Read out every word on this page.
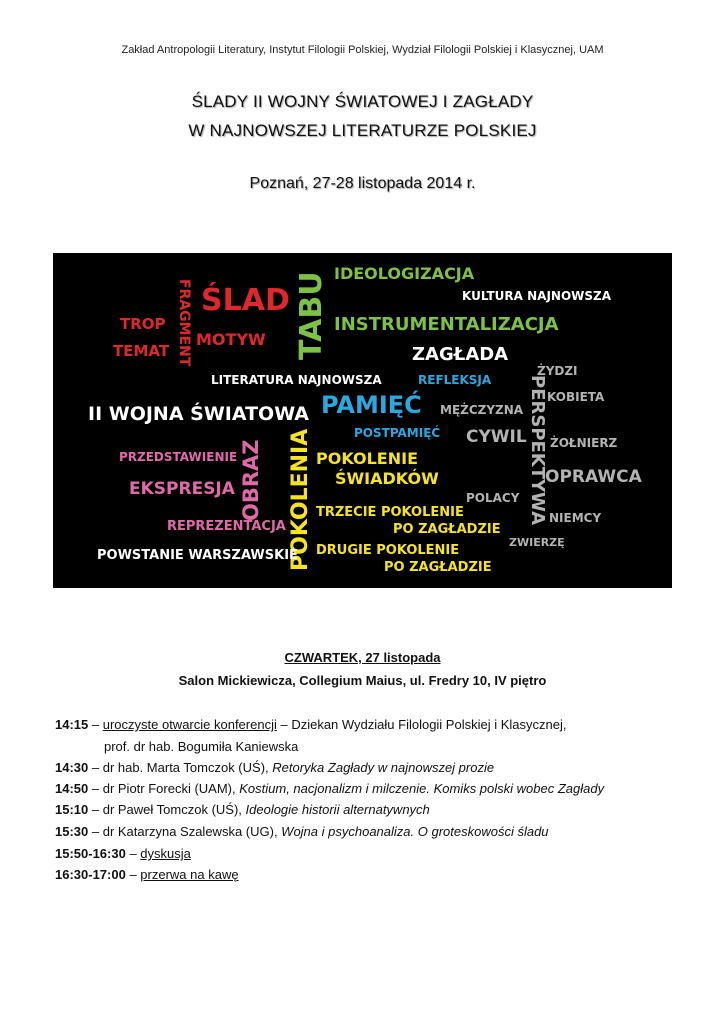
Zakład Antropologii Literatury, Instytut Filologii Polskiej, Wydział Filologii Polskiej i Klasycznej, UAM
ŚLADY II WOJNY ŚWIATOWEJ I ZAGŁADY
W NAJNOWSZEJ LITERATURZE POLSKIEJ
Poznań, 27-28 listopada 2014 r.
ŚLAD
FRAGMENT
TROP
TEMAT
MOTYW TABU IDEOLOGIZACJA
KULTURA NAJNOWSZA
INSTRUMENTALIZACJA
ZAGŁADA
LITERATURA NAJNOWSZA	REFLEKSJA
ŻYDZI
KOBIETA
PERSPEKTYWA
II WOJNA ŚWIATOWA PAMIĘĆ MĘŻCZYZNA
POSTPAMIĘĆ CYWIL ŻOŁNIERZ
PRZEDSTAWIENIE OBRAZ POKOLENIA POKOLENIE
ŚWIADKÓW	OPRAWCA
EKSPRESJA	POLACY
TRZECIE POKOLENIE
PO ZAGŁADZIE
NIEMCY
REPREZENTACJA
ZWIERZĘ
POWSTANIE WARSZAWSKIE DRUGIE POKOLENIE
PO ZAGŁADZIE
CZWARTEK, 27 listopada
Salon Mickiewicza, Collegium Maius, ul. Fredry 10, IV piętro
14:15 – uroczyste otwarcie konferencji – Dziekan Wydziału Filologii Polskiej i Klasycznej,
prof. dr hab. Bogumiła Kaniewska
14:30 – dr hab. Marta Tomczok (UŚ), Retoryka Zagłady w najnowszej prozie
14:50 – dr Piotr Forecki (UAM), Kostium, nacjonalizm i milczenie. Komiks polski wobec Zagłady
15:10 – dr Paweł Tomczok (UŚ), Ideologie historii alternatywnych
15:30 – dr Katarzyna Szalewska (UG), Wojna i psychoanaliza. O groteskowości śladu
15:50-16:30 – dyskusja
16:30-17:00 – przerwa na kawę
